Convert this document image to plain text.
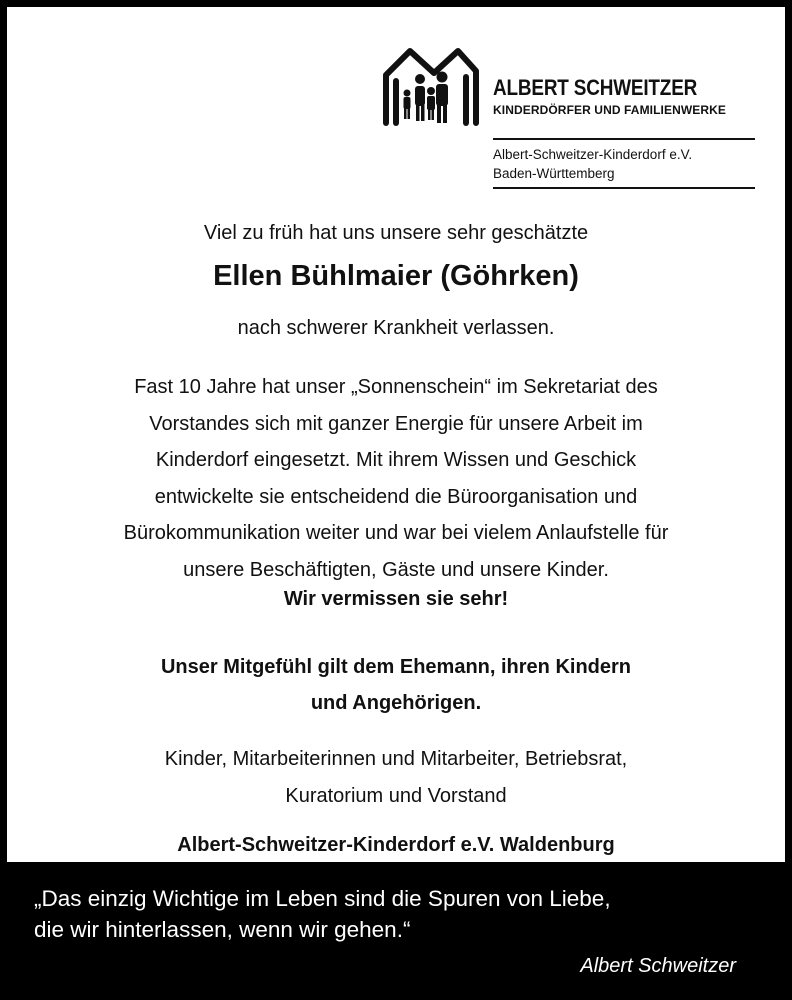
ALBERT SCHWEITZER
KINDERDÖRFER UND FAMILIENWERKE
Albert-Schweitzer-Kinderdorf e.V.
Baden-Württemberg
Viel zu früh hat uns unsere sehr geschätzte
Ellen Bühlmaier (Göhrken)
nach schwerer Krankheit verlassen.
Fast 10 Jahre hat unser „Sonnenschein“ im Sekretariat des
Vorstandes sich mit ganzer Energie für unsere Arbeit im
Kinderdorf eingesetzt. Mit ihrem Wissen und Geschick
entwickelte sie entscheidend die Büroorganisation und
Bürokommunikation weiter und war bei vielem Anlaufstelle für
unsere Beschäftigten, Gäste und unsere Kinder.
Wir vermissen sie sehr!
Unser Mitgefühl gilt dem Ehemann, ihren Kindern
und Angehörigen.
Kinder, Mitarbeiterinnen und Mitarbeiter, Betriebsrat,
Kuratorium und Vorstand
Albert-Schweitzer-Kinderdorf e.V. Waldenburg
„Das einzig Wichtige im Leben sind die Spuren von Liebe,
die wir hinterlassen, wenn wir gehen.“
Albert Schweitzer
